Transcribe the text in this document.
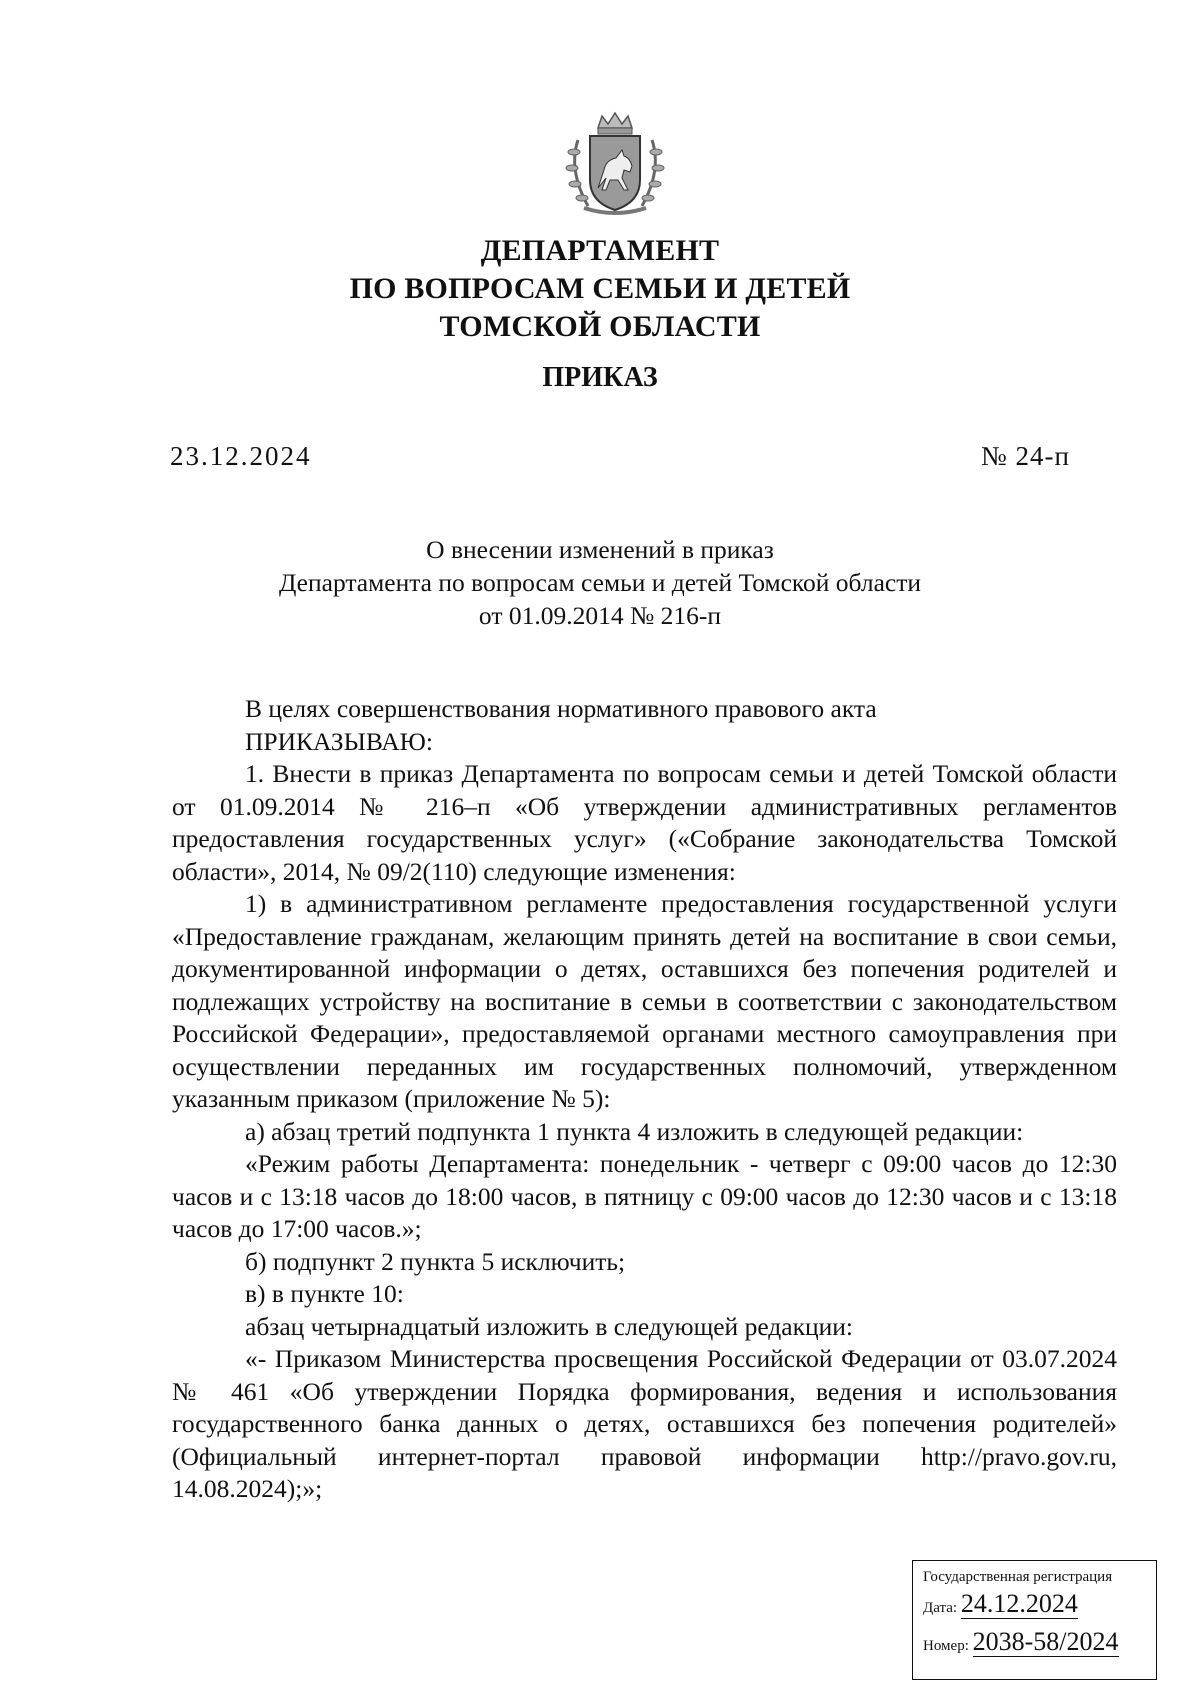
ДЕПАРТАМЕНТ
ПО ВОПРОСАМ СЕМЬИ И ДЕТЕЙ
ТОМСКОЙ ОБЛАСТИ
ПРИКАЗ
23.12.2024	№ 24-п
О внесении изменений в приказ
Департамента по вопросам семьи и детей Томской области
от 01.09.2014 № 216-п

В целях совершенствования нормативного правового акта

ПРИКАЗЫВАЮ:

1. Внести в приказ Департамента по вопросам семьи и детей Томской области от 01.09.2014 № 216–п «Об утверждении административных регламентов предоставления государственных услуг» («Собрание законодательства Томской области», 2014, № 09/2(110) следующие изменения:

1) в административном регламенте предоставления государственной услуги «Предоставление гражданам, желающим принять детей на воспитание в свои семьи, документированной информации о детях, оставшихся без попечения родителей и подлежащих устройству на воспитание в семьи в соответствии с законодательством Российской Федерации», предоставляемой органами местного самоуправления при осуществлении переданных им государственных полномочий, утвержденном указанным приказом (приложение № 5):

а) абзац третий подпункта 1 пункта 4 изложить в следующей редакции:

«Режим работы Департамента: понедельник - четверг с 09:00 часов до 12:30 часов и с 13:18 часов до 18:00 часов, в пятницу с 09:00 часов до 12:30 часов и с 13:18 часов до 17:00 часов.»;

б) подпункт 2 пункта 5 исключить;

в) в пункте 10:

абзац четырнадцатый изложить в следующей редакции:

«- Приказом Министерства просвещения Российской Федерации от 03.07.2024 № 461 «Об утверждении Порядка формирования, ведения и использования государственного банка данных о детях, оставшихся без попечения родителей» (Официальный интернет-портал правовой информации http://pravo.gov.ru, 14.08.2024);»;

Государственная регистрация
Дата: 24.12.2024
Номер: 2038-58/2024
